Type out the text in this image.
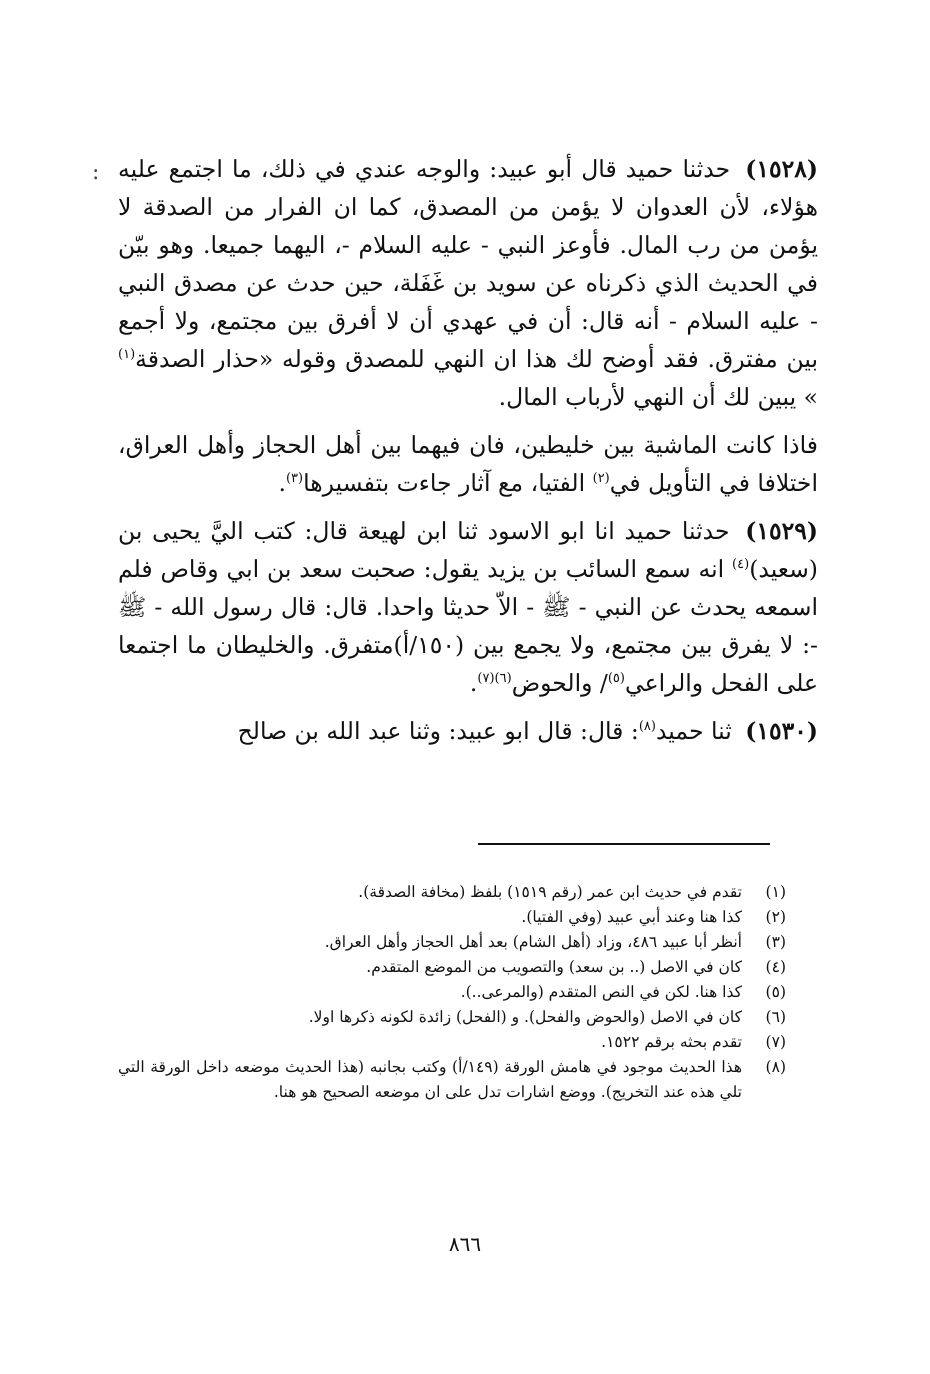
:	(١٥٢٨) حدثنا حميد قال أبو عبيد: والوجه عندي في ذلك، ما اجتمع عليه هؤلاء، لأن العدوان لا يؤمن من المصدق، كما ان الفرار من الصدقة لا يؤمن من رب المال. فأوعز النبي - عليه السلام -، اليهما جميعا. وهو بيّن في الحديث الذي ذكرناه عن سويد بن غَفَلة، حين حدث عن مصدق النبي - عليه السلام - أنه قال: أن في عهدي أن لا أفرق بين مجتمع، ولا أجمع بين مفترق. فقد أوضح لك هذا ان النهي للمصدق وقوله «حذار الصدقة$^{(١)}$ » يبين لك أن النهي لأرباب المال.

فاذا كانت الماشية بين خليطين، فان فيهما بين أهل الحجاز وأهل العراق، اختلافا في التأويل في$^{(٢)}$ الفتيا، مع آثار جاءت بتفسيرها$^{(٣)}$.

(١٥٢٩) حدثنا حميد انا ابو الاسود ثنا ابن لهيعة قال: كتب اليَّ يحيى بن (سعيد)$^{(٤)}$ انه سمع السائب بن يزيد يقول: صحبت سعد بن ابي وقاص فلم اسمعه يحدث عن النبي - ﷺ - الاّ حديثا واحدا. قال: قال رسول الله - ﷺ -: لا يفرق بين مجتمع، ولا يجمع بين (١٥٠/أ)متفرق. والخليطان ما اجتمعا على الفحل والراعي$^{(٥)}$/ والحوض$^{(٦)(٧)}$.

(١٥٣٠) ثنا حميد$^{(٨)}$: قال: قال ابو عبيد: وثنا عبد الله بن صالح

(١)
تقدم في حديث ابن عمر (رقم ١٥١٩) بلفظ (مخافة الصدقة).
(٢)
كذا هنا وعند أبي عبيد (وفي الفتيا).
(٣)
أنظر أبا عبيد ٤٨٦، وزاد (أهل الشام) بعد أهل الحجاز وأهل العراق.
(٤)
كان في الاصل (.. بن سعد) والتصويب من الموضع المتقدم.
(٥)
كذا هنا. لكن في النص المتقدم (والمرعى..).
(٦)
كان في الاصل (والحوض والفحل). و (الفحل) زائدة لكونه ذكرها اولا.
(٧)
تقدم بحثه برقم ١٥٢٢.
(٨)
هذا الحديث موجود في هامش الورقة (١٤٩/أ) وكتب بجانبه (هذا الحديث موضعه داخل الورقة التي تلي هذه عند التخريج). ووضع اشارات تدل على ان موضعه الصحيح هو هنا.
٨٦٦
